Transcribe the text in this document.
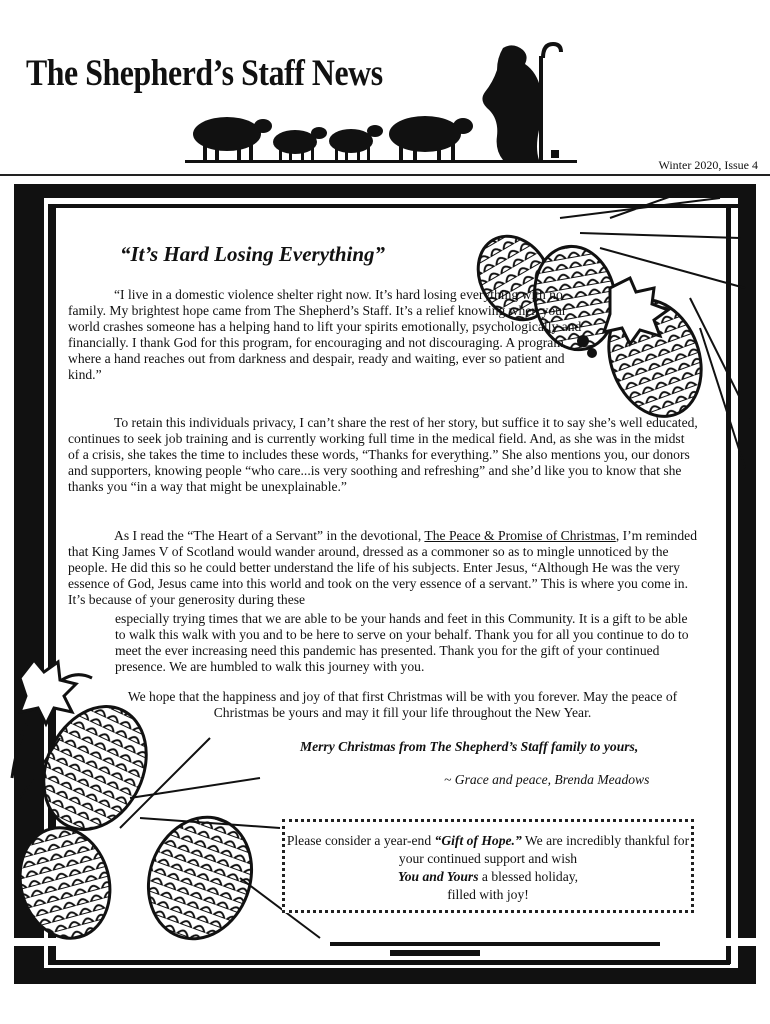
The Shepherd’s Staff News
Winter 2020, Issue 4
“It’s Hard Losing Everything”

“I live in a domestic violence shelter right now. It’s hard losing everything with no family. My brightest hope came from The Shepherd’s Staff. It’s a relief knowing when your world crashes someone has a helping hand to lift your spirits emotionally, psychologically and financially. I thank God for this program, for encouraging and not discouraging. A program where a hand reaches out from darkness and despair, ready and waiting, ever so patient and kind.”

To retain this individuals privacy, I can’t share the rest of her story, but suffice it to say she’s well educated, continues to seek job training and is currently working full time in the medical field. And, as she was in the midst of a crisis, she takes the time to includes these words, “Thanks for everything.” She also mentions you, our donors and supporters, knowing people “who care...is very soothing and refreshing” and she’d like you to know that she thanks you “in a way that might be unexplainable.”

As I read the “The Heart of a Servant” in the devotional, The Peace & Promise of Christmas, I’m reminded that King James V of Scotland would wander around, dressed as a commoner so as to mingle unnoticed by the people. He did this so he could better understand the life of his subjects. Enter Jesus, “Although He was the very essence of God, Jesus came into this world and took on the very essence of a servant.” This is where you come in. It’s because of your generosity during these

especially trying times that we are able to be your hands and feet in this Community. It is a gift to be able to walk this walk with you and to be here to serve on your behalf. Thank you for all you continue to do to meet the ever increasing need this pandemic has presented. Thank you for the gift of your continued presence. We are humbled to walk this journey with you.

We hope that the happiness and joy of that first Christmas will be with you forever. May the peace of Christmas be yours and may it fill your life throughout the New Year.

Merry Christmas from The Shepherd’s Staff family to yours,
~ Grace and peace, Brenda Meadows
Please consider a year-end “Gift of Hope.” We are incredibly thankful for your continued support and wish
You and Yours a blessed holiday,
filled with joy!
